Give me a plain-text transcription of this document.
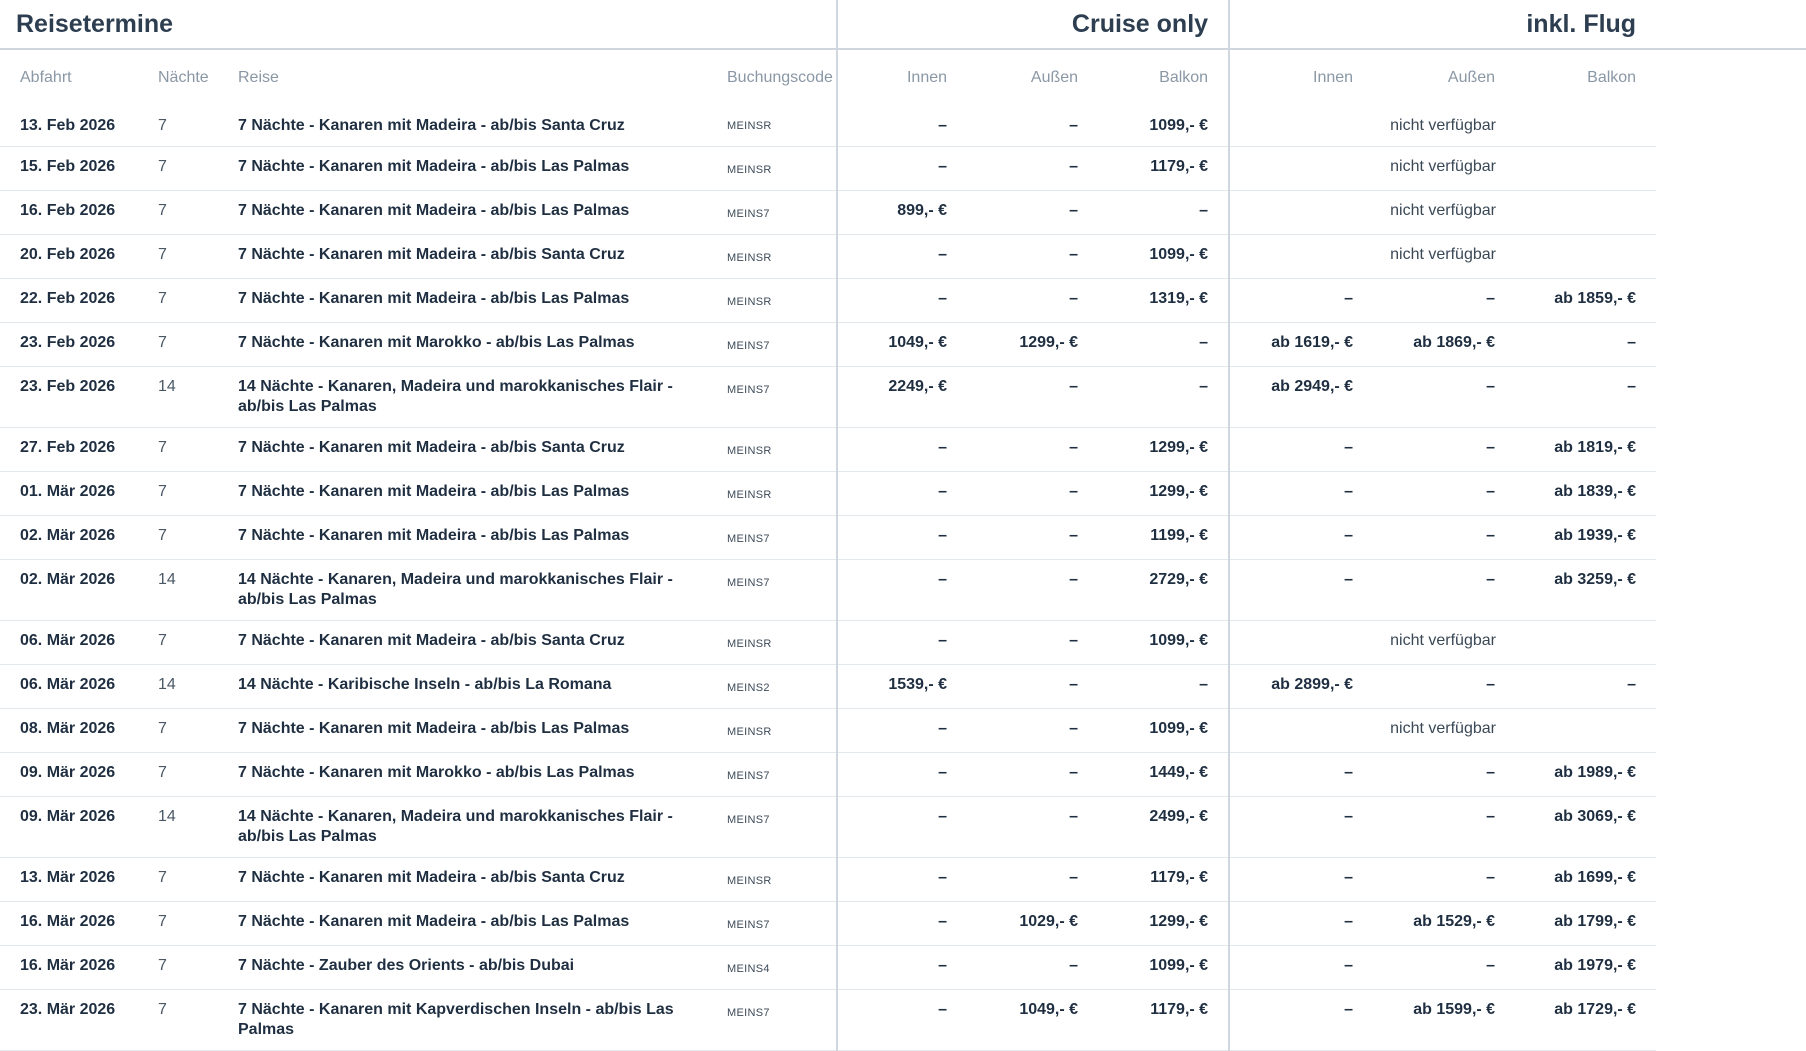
Reisetermine				Cruise only			inkl. Flug			
Abfahrt	Nächte	Reise	Buchungscode	Innen	Außen	Balkon	Innen	Außen	Balkon	
13. Feb 2026	7	7 Nächte - Kanaren mit Madeira - ab/bis Santa Cruz	MEINSR	–	–	1099,- €	nicht verfügbar			
15. Feb 2026	7	7 Nächte - Kanaren mit Madeira - ab/bis Las Palmas	MEINSR	–	–	1179,- €	nicht verfügbar			
16. Feb 2026	7	7 Nächte - Kanaren mit Madeira - ab/bis Las Palmas	MEINS7	899,- €	–	–	nicht verfügbar			
20. Feb 2026	7	7 Nächte - Kanaren mit Madeira - ab/bis Santa Cruz	MEINSR	–	–	1099,- €	nicht verfügbar			
22. Feb 2026	7	7 Nächte - Kanaren mit Madeira - ab/bis Las Palmas	MEINSR	–	–	1319,- €	–	–	ab 1859,- €	
23. Feb 2026	7	7 Nächte - Kanaren mit Marokko - ab/bis Las Palmas	MEINS7	1049,- €	1299,- €	–	ab 1619,- €	ab 1869,- €	–	
23. Feb 2026	14	14 Nächte - Kanaren, Madeira und marokkanisches Flair - ab/bis Las Palmas	MEINS7	2249,- €	–	–	ab 2949,- €	–	–	
27. Feb 2026	7	7 Nächte - Kanaren mit Madeira - ab/bis Santa Cruz	MEINSR	–	–	1299,- €	–	–	ab 1819,- €	
01. Mär 2026	7	7 Nächte - Kanaren mit Madeira - ab/bis Las Palmas	MEINSR	–	–	1299,- €	–	–	ab 1839,- €	
02. Mär 2026	7	7 Nächte - Kanaren mit Madeira - ab/bis Las Palmas	MEINS7	–	–	1199,- €	–	–	ab 1939,- €	
02. Mär 2026	14	14 Nächte - Kanaren, Madeira und marokkanisches Flair - ab/bis Las Palmas	MEINS7	–	–	2729,- €	–	–	ab 3259,- €	
06. Mär 2026	7	7 Nächte - Kanaren mit Madeira - ab/bis Santa Cruz	MEINSR	–	–	1099,- €	nicht verfügbar			
06. Mär 2026	14	14 Nächte - Karibische Inseln - ab/bis La Romana	MEINS2	1539,- €	–	–	ab 2899,- €	–	–	
08. Mär 2026	7	7 Nächte - Kanaren mit Madeira - ab/bis Las Palmas	MEINSR	–	–	1099,- €	nicht verfügbar			
09. Mär 2026	7	7 Nächte - Kanaren mit Marokko - ab/bis Las Palmas	MEINS7	–	–	1449,- €	–	–	ab 1989,- €	
09. Mär 2026	14	14 Nächte - Kanaren, Madeira und marokkanisches Flair - ab/bis Las Palmas	MEINS7	–	–	2499,- €	–	–	ab 3069,- €	
13. Mär 2026	7	7 Nächte - Kanaren mit Madeira - ab/bis Santa Cruz	MEINSR	–	–	1179,- €	–	–	ab 1699,- €	
16. Mär 2026	7	7 Nächte - Kanaren mit Madeira - ab/bis Las Palmas	MEINS7	–	1029,- €	1299,- €	–	ab 1529,- €	ab 1799,- €	
16. Mär 2026	7	7 Nächte - Zauber des Orients - ab/bis Dubai	MEINS4	–	–	1099,- €	–	–	ab 1979,- €	
23. Mär 2026	7	7 Nächte - Kanaren mit Kapverdischen Inseln - ab/bis Las Palmas	MEINS7	–	1049,- €	1179,- €	–	ab 1599,- €	ab 1729,- €	
